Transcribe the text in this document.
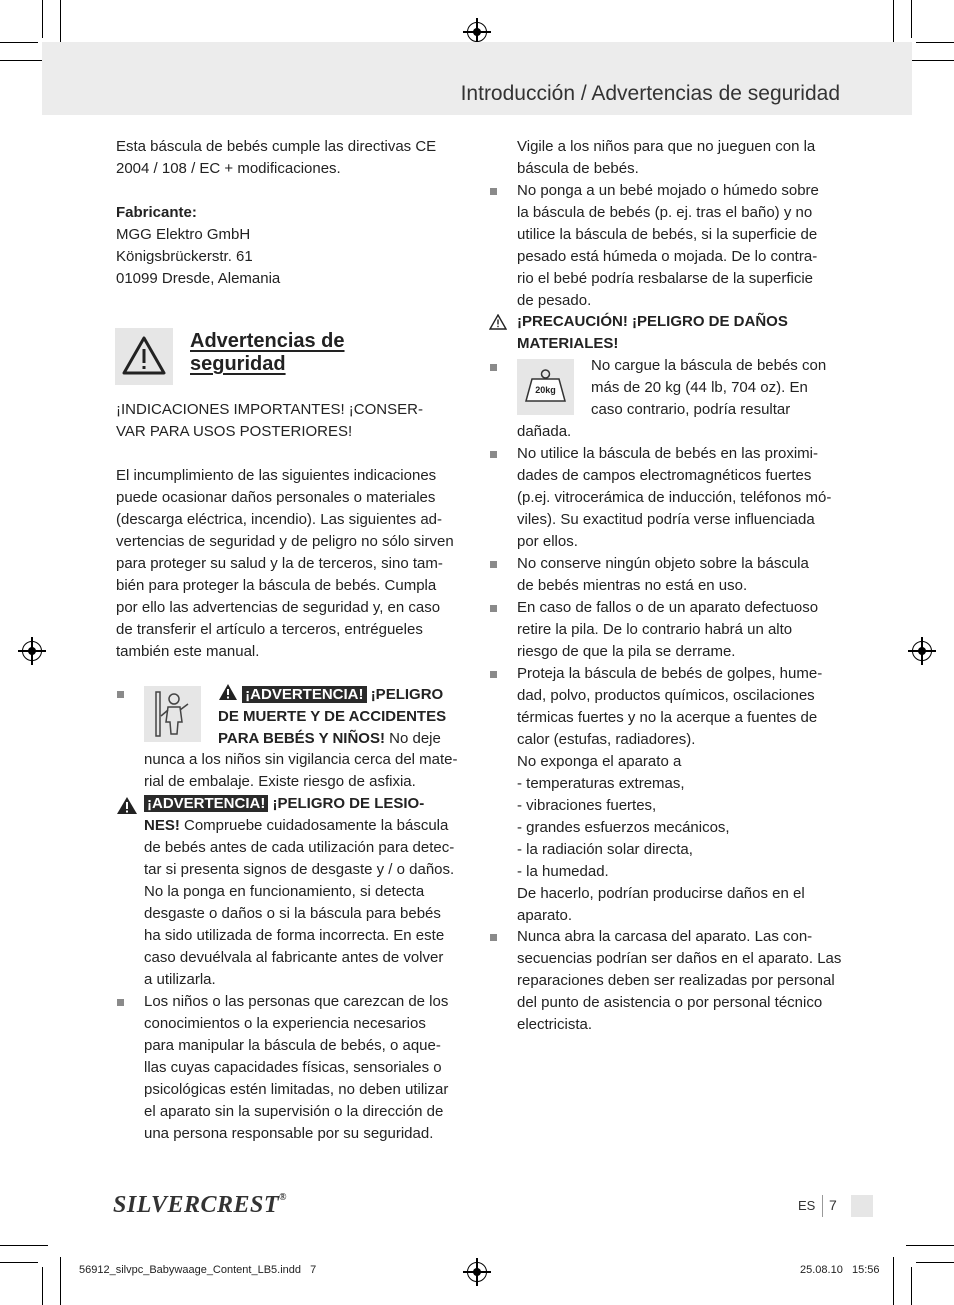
Introducción / Advertencias de seguridad
Esta báscula de bebés cumple las directivas CE
2004 / 108 / EC + modificaciones.
Fabricante:
MGG Elektro GmbH
Königsbrückerstr. 61
01099 Dresde, Alemania
Advertencias de
seguridad
¡INDICACIONES IMPORTANTES! ¡CONSER-
VAR PARA USOS POSTERIORES!
El incumplimiento de las siguientes indicaciones
puede ocasionar daños personales o materiales
(descarga eléctrica, incendio). Las siguientes ad-
vertencias de seguridad y de peligro no sólo sirven
para proteger su salud y la de terceros, sino tam-
bién para proteger la báscula de bebés. Cumpla
por ello las advertencias de seguridad y, en caso
de transferir el artículo a terceros, entrégueles
también este manual.
¡ADVERTENCIA! ¡PELIGRO
DE MUERTE Y DE ACCIDENTES
PARA BEBÉS Y NIÑOS! No deje
nunca a los niños sin vigilancia cerca del mate-
rial de embalaje. Existe riesgo de asfixia.
¡ADVERTENCIA! ¡PELIGRO DE LESIO-
NES! Compruebe cuidadosamente la báscula
de bebés antes de cada utilización para detec-
tar si presenta signos de desgaste y / o daños.
No la ponga en funcionamiento, si detecta
desgaste o daños o si la báscula para bebés
ha sido utilizada de forma incorrecta. En este
caso devuélvala al fabricante antes de volver
a utilizarla.
Los niños o las personas que carezcan de los
conocimientos o la experiencia necesarios
para manipular la báscula de bebés, o aque-
llas cuyas capacidades físicas, sensoriales o
psicológicas estén limitadas, no deben utilizar
el aparato sin la supervisión o la dirección de
una persona responsable por su seguridad.
Vigile a los niños para que no jueguen con la
báscula de bebés.
No ponga a un bebé mojado o húmedo sobre
la báscula de bebés (p. ej. tras el baño) y no
utilice la báscula de bebés, si la superficie de
pesado está húmeda o mojada. De lo contra-
rio el bebé podría resbalarse de la superficie
de pesado.
¡PRECAUCIÓN! ¡PELIGRO DE DAÑOS
MATERIALES!
20kg
No cargue la báscula de bebés con
más de 20 kg (44 lb, 704 oz). En
caso contrario, podría resultar
dañada.
No utilice la báscula de bebés en las proximi-
dades de campos electromagnéticos fuertes
(p.ej. vitrocerámica de inducción, teléfonos mó-
viles). Su exactitud podría verse influenciada
por ellos.
No conserve ningún objeto sobre la báscula
de bebés mientras no está en uso.
En caso de fallos o de un aparato defectuoso
retire la pila. De lo contrario habrá un alto
riesgo de que la pila se derrame.
Proteja la báscula de bebés de golpes, hume-
dad, polvo, productos químicos, oscilaciones
térmicas fuertes y no la acerque a fuentes de
calor (estufas, radiadores).
No exponga el aparato a
- temperaturas extremas,
- vibraciones fuertes,
- grandes esfuerzos mecánicos,
- la radiación solar directa,
- la humedad.
De hacerlo, podrían producirse daños en el
aparato.
Nunca abra la carcasa del aparato. Las con-
secuencias podrían ser daños en el aparato. Las
reparaciones deben ser realizadas por personal
del punto de asistencia o por personal técnico
electricista.
SILVERCREST®
ES 7
56912_silvpc_Babywaage_Content_LB5.indd   7	25.08.10   15:56
